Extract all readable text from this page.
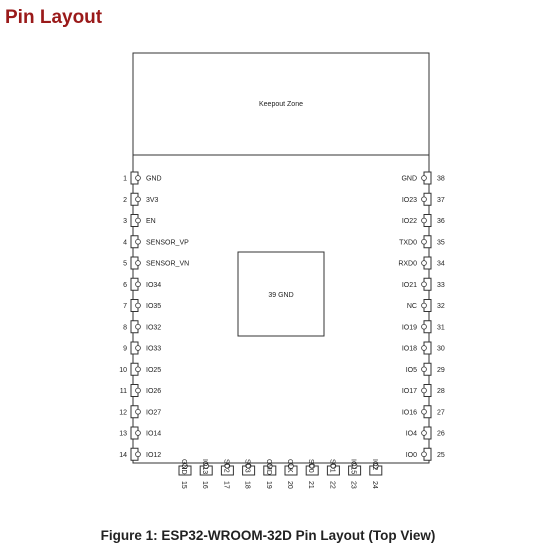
Pin Layout
Keepout Zone
39 GND
1	GND
2	3V3
3	EN
4	SENSOR_VP
5	SENSOR_VN
6	IO34
7	IO35
8	IO32
9	IO33
10	IO25
11	IO26
12	IO27
13	IO14
14	IO12
GND	38
IO23	37
IO22	36
TXD0	35
RXD0	34
IO21	33
NC	32
IO19	31
IO18	30
IO5	29
IO17	28
IO16	27
IO4	26
IO0	25
GND
15
IO13
16
SD2
17
SD3
18
CMD
19
CLK
20
SD0
21
SD1
22
IO15
23
IO2
24
Figure 1: ESP32-WROOM-32D Pin Layout (Top View)
